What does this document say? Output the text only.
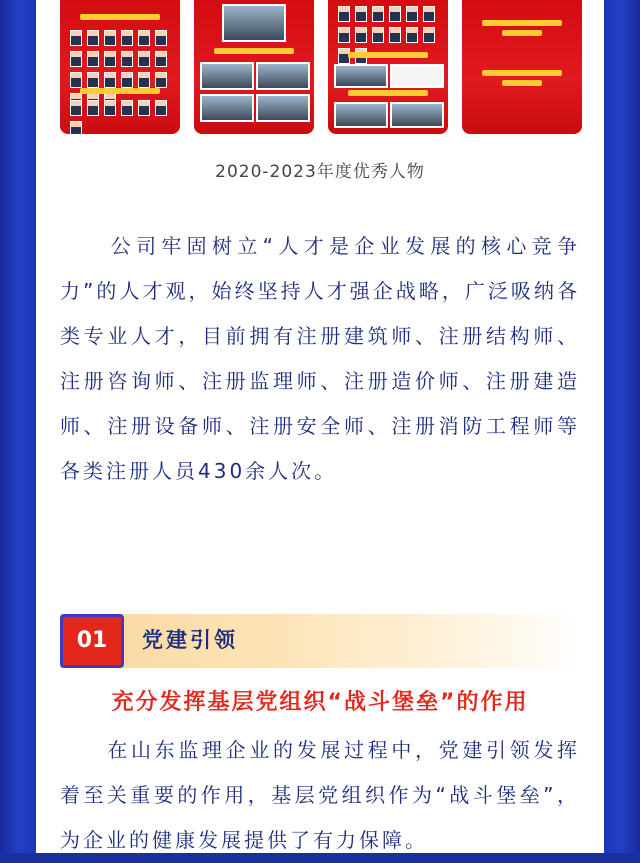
2020-2023年度优秀人物

　　公司牢固树立“人才是企业发展的核心竞争力”的人才观，始终坚持人才强企战略，广泛吸纳各类专业人才，目前拥有注册建筑师、注册结构师、注册咨询师、注册监理师、注册造价师、注册建造师、注册设备师、注册安全师、注册消防工程师等各类注册人员430余人次。

01	党建引领
充分发挥基层党组织“战斗堡垒”的作用

　　在山东监理企业的发展过程中，党建引领发挥着至关重要的作用，基层党组织作为“战斗堡垒”，为企业的健康发展提供了有力保障。
